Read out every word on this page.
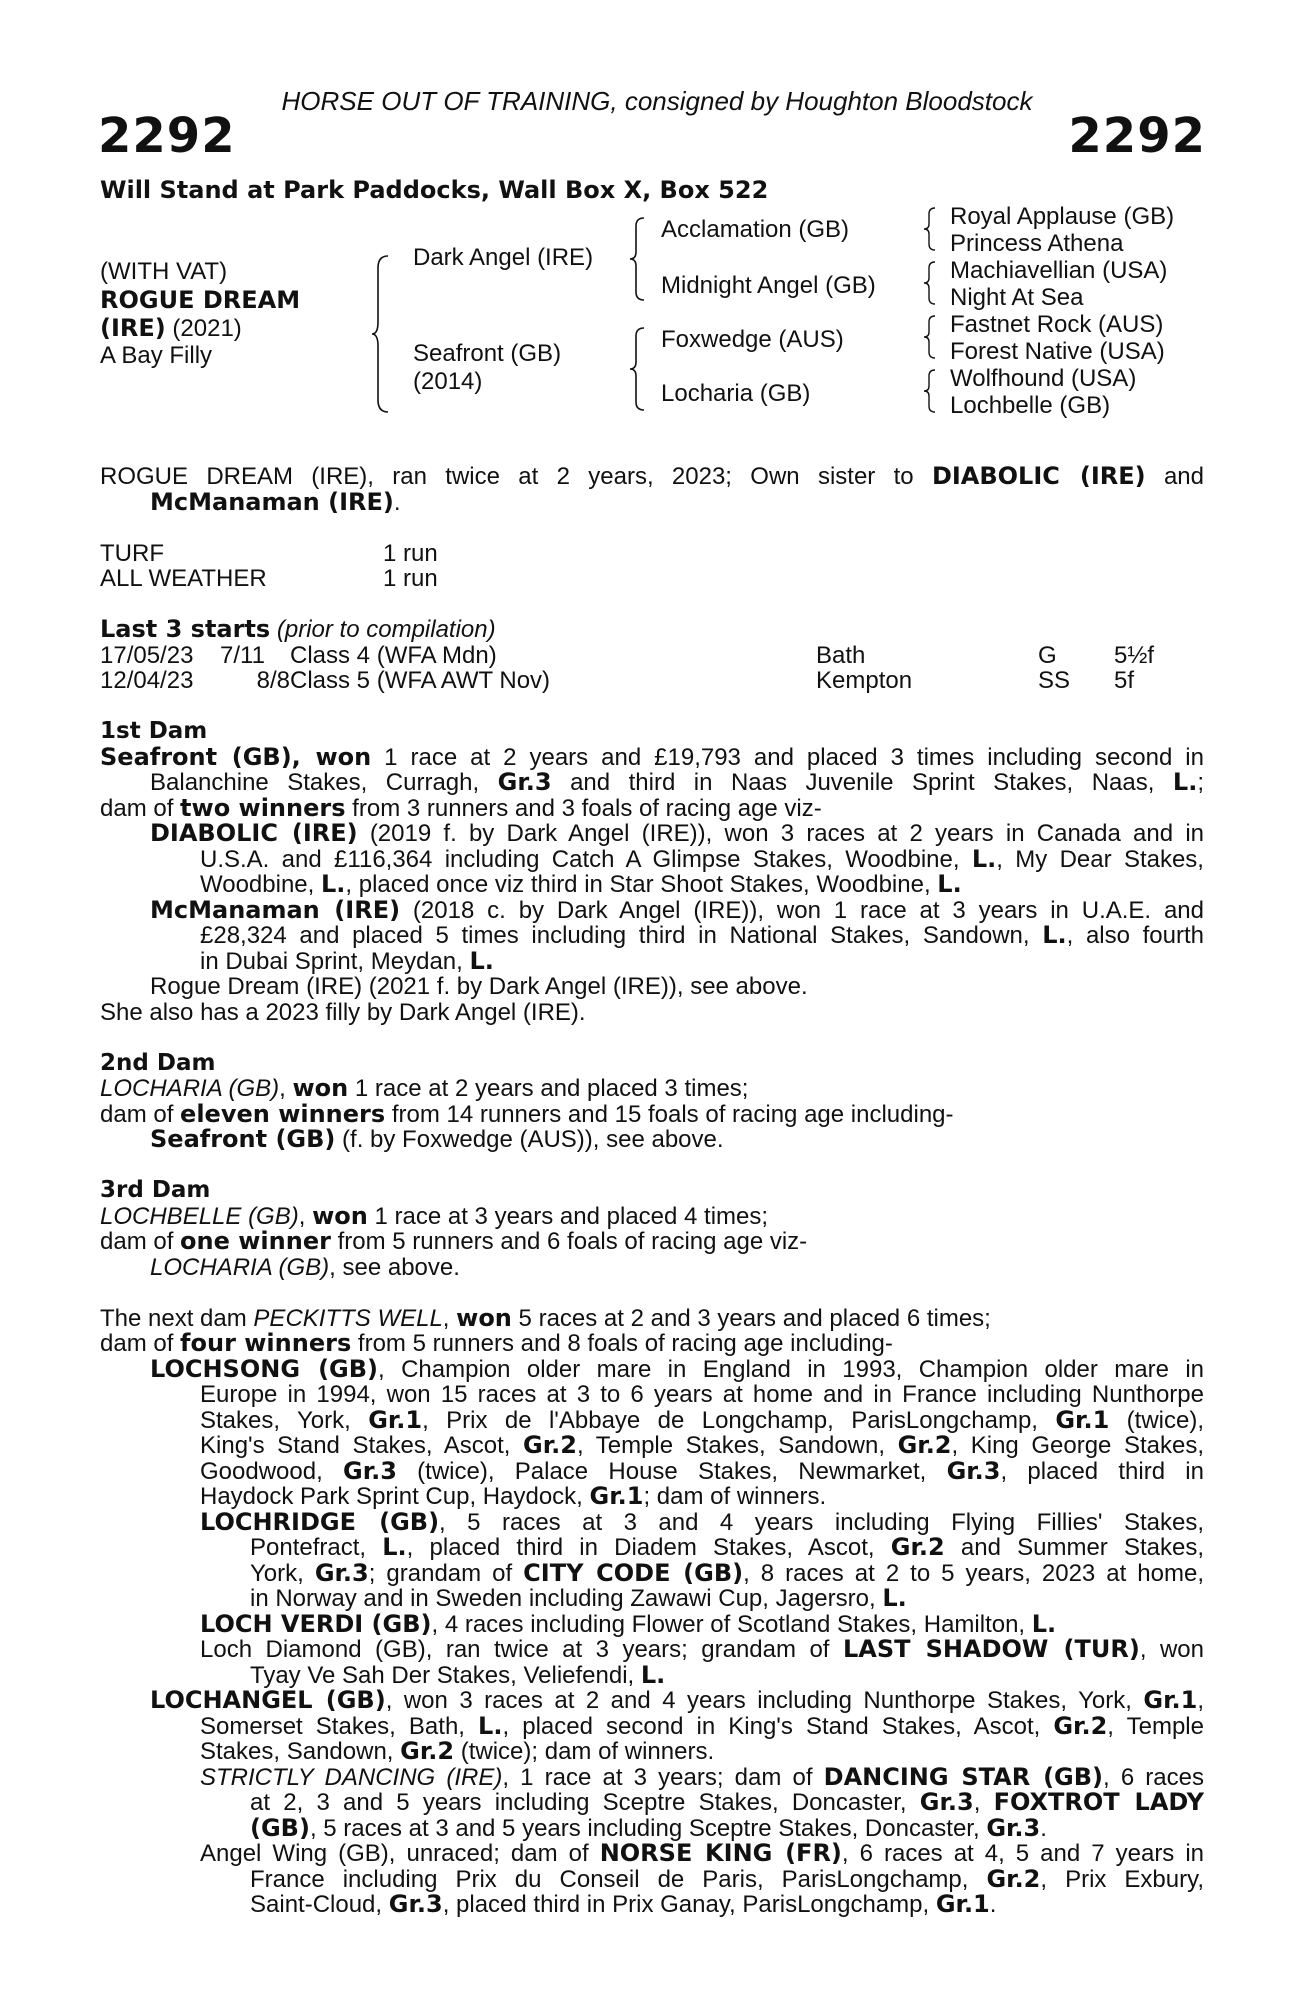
HORSE OUT OF TRAINING, consigned by Houghton Bloodstock
2292	2292
Will Stand at Park Paddocks, Wall Box X, Box 522
(WITH VAT)
ROGUE DREAM
(IRE) (2021)
A Bay Filly
Dark Angel (IRE)
Seafront (GB)
(2014)
Acclamation (GB)
Midnight Angel (GB)
Foxwedge (AUS)
Locharia (GB)
Royal Applause (GB)
Princess Athena
Machiavellian (USA)
Night At Sea
Fastnet Rock (AUS)
Forest Native (USA)
Wolfhound (USA)
Lochbelle (GB)
ROGUE DREAM (IRE), ran twice at 2 years, 2023; Own sister to DIABOLIC (IRE) and
McManaman (IRE).
TURF	1 run
ALL WEATHER	1 run
Last 3 starts (prior to compilation)
17/05/23	7/11	Class 4 (WFA Mdn)	Bath	G	5½f
12/04/23	8/8 Class 5 (WFA AWT Nov)	Kempton	SS	5f
1st Dam
Seafront (GB), won 1 race at 2 years and £19,793 and placed 3 times including second in
Balanchine Stakes, Curragh, Gr.3 and third in Naas Juvenile Sprint Stakes, Naas, L.;
dam of two winners from 3 runners and 3 foals of racing age viz-
DIABOLIC (IRE) (2019 f. by Dark Angel (IRE)), won 3 races at 2 years in Canada and in
U.S.A. and £116,364 including Catch A Glimpse Stakes, Woodbine, L., My Dear Stakes,
Woodbine, L., placed once viz third in Star Shoot Stakes, Woodbine, L.
McManaman (IRE) (2018 c. by Dark Angel (IRE)), won 1 race at 3 years in U.A.E. and
£28,324 and placed 5 times including third in National Stakes, Sandown, L., also fourth
in Dubai Sprint, Meydan, L.
Rogue Dream (IRE) (2021 f. by Dark Angel (IRE)), see above.
She also has a 2023 filly by Dark Angel (IRE).
2nd Dam
LOCHARIA (GB), won 1 race at 2 years and placed 3 times;
dam of eleven winners from 14 runners and 15 foals of racing age including-
Seafront (GB) (f. by Foxwedge (AUS)), see above.
3rd Dam
LOCHBELLE (GB), won 1 race at 3 years and placed 4 times;
dam of one winner from 5 runners and 6 foals of racing age viz-
LOCHARIA (GB), see above.
The next dam PECKITTS WELL, won 5 races at 2 and 3 years and placed 6 times;
dam of four winners from 5 runners and 8 foals of racing age including-
LOCHSONG (GB), Champion older mare in England in 1993, Champion older mare in
Europe in 1994, won 15 races at 3 to 6 years at home and in France including Nunthorpe
Stakes, York, Gr.1, Prix de l'Abbaye de Longchamp, ParisLongchamp, Gr.1 (twice),
King's Stand Stakes, Ascot, Gr.2, Temple Stakes, Sandown, Gr.2, King George Stakes,
Goodwood, Gr.3 (twice), Palace House Stakes, Newmarket, Gr.3, placed third in
Haydock Park Sprint Cup, Haydock, Gr.1; dam of winners.
LOCHRIDGE (GB), 5 races at 3 and 4 years including Flying Fillies' Stakes,
Pontefract, L., placed third in Diadem Stakes, Ascot, Gr.2 and Summer Stakes,
York, Gr.3; grandam of CITY CODE (GB), 8 races at 2 to 5 years, 2023 at home,
in Norway and in Sweden including Zawawi Cup, Jagersro, L.
LOCH VERDI (GB), 4 races including Flower of Scotland Stakes, Hamilton, L.
Loch Diamond (GB), ran twice at 3 years; grandam of LAST SHADOW (TUR), won
Tyay Ve Sah Der Stakes, Veliefendi, L.
LOCHANGEL (GB), won 3 races at 2 and 4 years including Nunthorpe Stakes, York, Gr.1,
Somerset Stakes, Bath, L., placed second in King's Stand Stakes, Ascot, Gr.2, Temple
Stakes, Sandown, Gr.2 (twice); dam of winners.
STRICTLY DANCING (IRE), 1 race at 3 years; dam of DANCING STAR (GB), 6 races
at 2, 3 and 5 years including Sceptre Stakes, Doncaster, Gr.3, FOXTROT LADY
(GB), 5 races at 3 and 5 years including Sceptre Stakes, Doncaster, Gr.3.
Angel Wing (GB), unraced; dam of NORSE KING (FR), 6 races at 4, 5 and 7 years in
France including Prix du Conseil de Paris, ParisLongchamp, Gr.2, Prix Exbury,
Saint-Cloud, Gr.3, placed third in Prix Ganay, ParisLongchamp, Gr.1.
